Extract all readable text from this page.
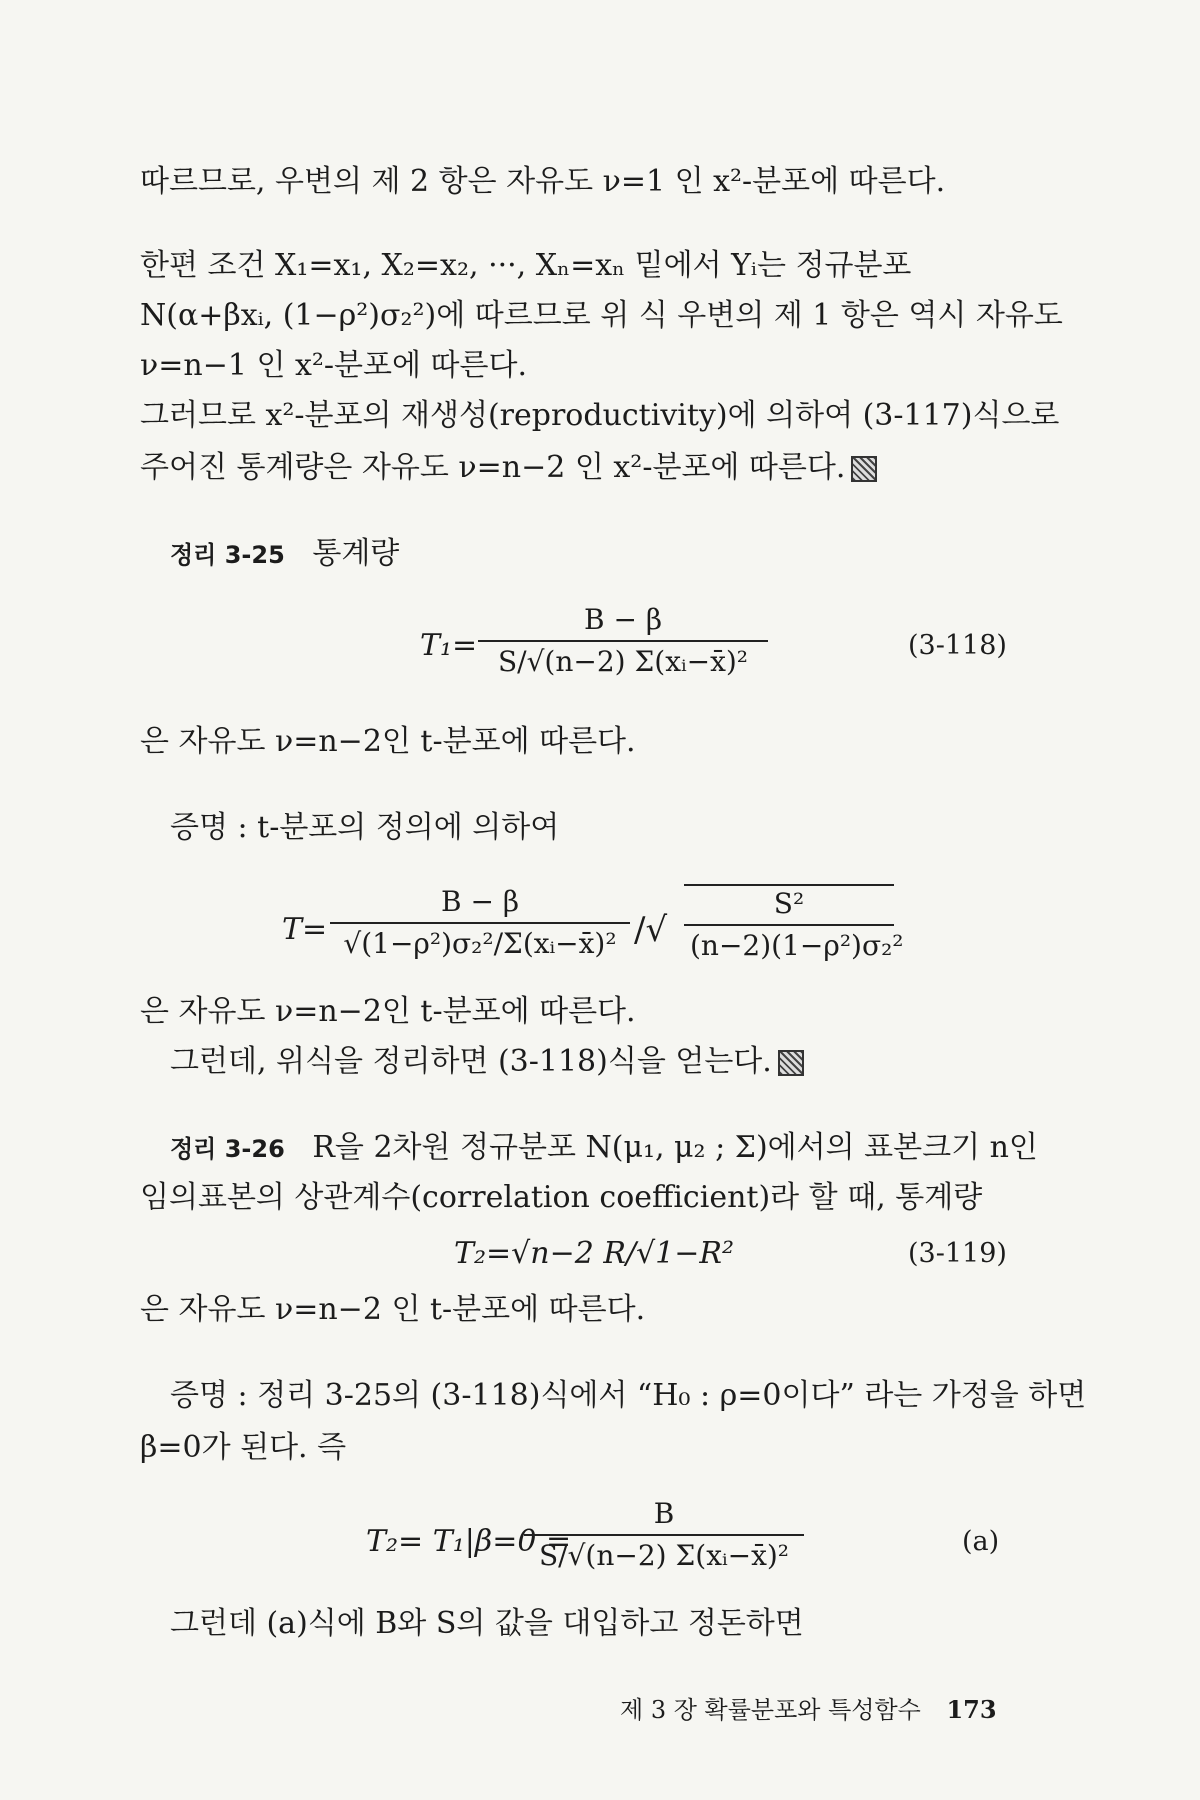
따르므로, 우변의 제 2 항은 자유도 ν=1 인 x²-분포에 따른다.
한편 조건 X₁=x₁, X₂=x₂, ···, Xₙ=xₙ 밑에서 Yᵢ는 정규분포
N(α+βxᵢ, (1−ρ²)σ₂²)에 따르므로 위 식 우변의 제 1 항은 역시 자유도
ν=n−1 인 x²-분포에 따른다.
그러므로 x²-분포의 재생성(reproductivity)에 의하여 (3-117)식으로
주어진 통계량은 자유도 ν=n−2 인 x²-분포에 따른다.
정리 3-25 통계량
T₁=
B − β
S/√(n−2) Σ(xᵢ−x̄)²	(3-118)
은 자유도 ν=n−2인 t-분포에 따른다.
증명 : t-분포의 정의에 의하여
T=
B − β
√(1−ρ²)σ₂²/Σ(xᵢ−x̄)² /√
S²
(n−2)(1−ρ²)σ₂²
은 자유도 ν=n−2인 t-분포에 따른다.
그런데, 위식을 정리하면 (3-118)식을 얻는다.
정리 3-26 R을 2차원 정규분포 N(μ₁, μ₂ ; Σ)에서의 표본크기 n인
임의표본의 상관계수(correlation coefficient)라 할 때, 통계량
T₂=√n−2 R/√1−R²	(3-119)
은 자유도 ν=n−2 인 t-분포에 따른다.
증명 : 정리 3-25의 (3-118)식에서 “H₀ : ρ=0이다” 라는 가정을 하면
β=0가 된다. 즉
T₂= T₁|β=0 =
B
S/√(n−2) Σ(xᵢ−x̄)²	(a)
그런데 (a)식에 B와 S의 값을 대입하고 정돈하면
제 3 장 확률분포와 특성함수 173
